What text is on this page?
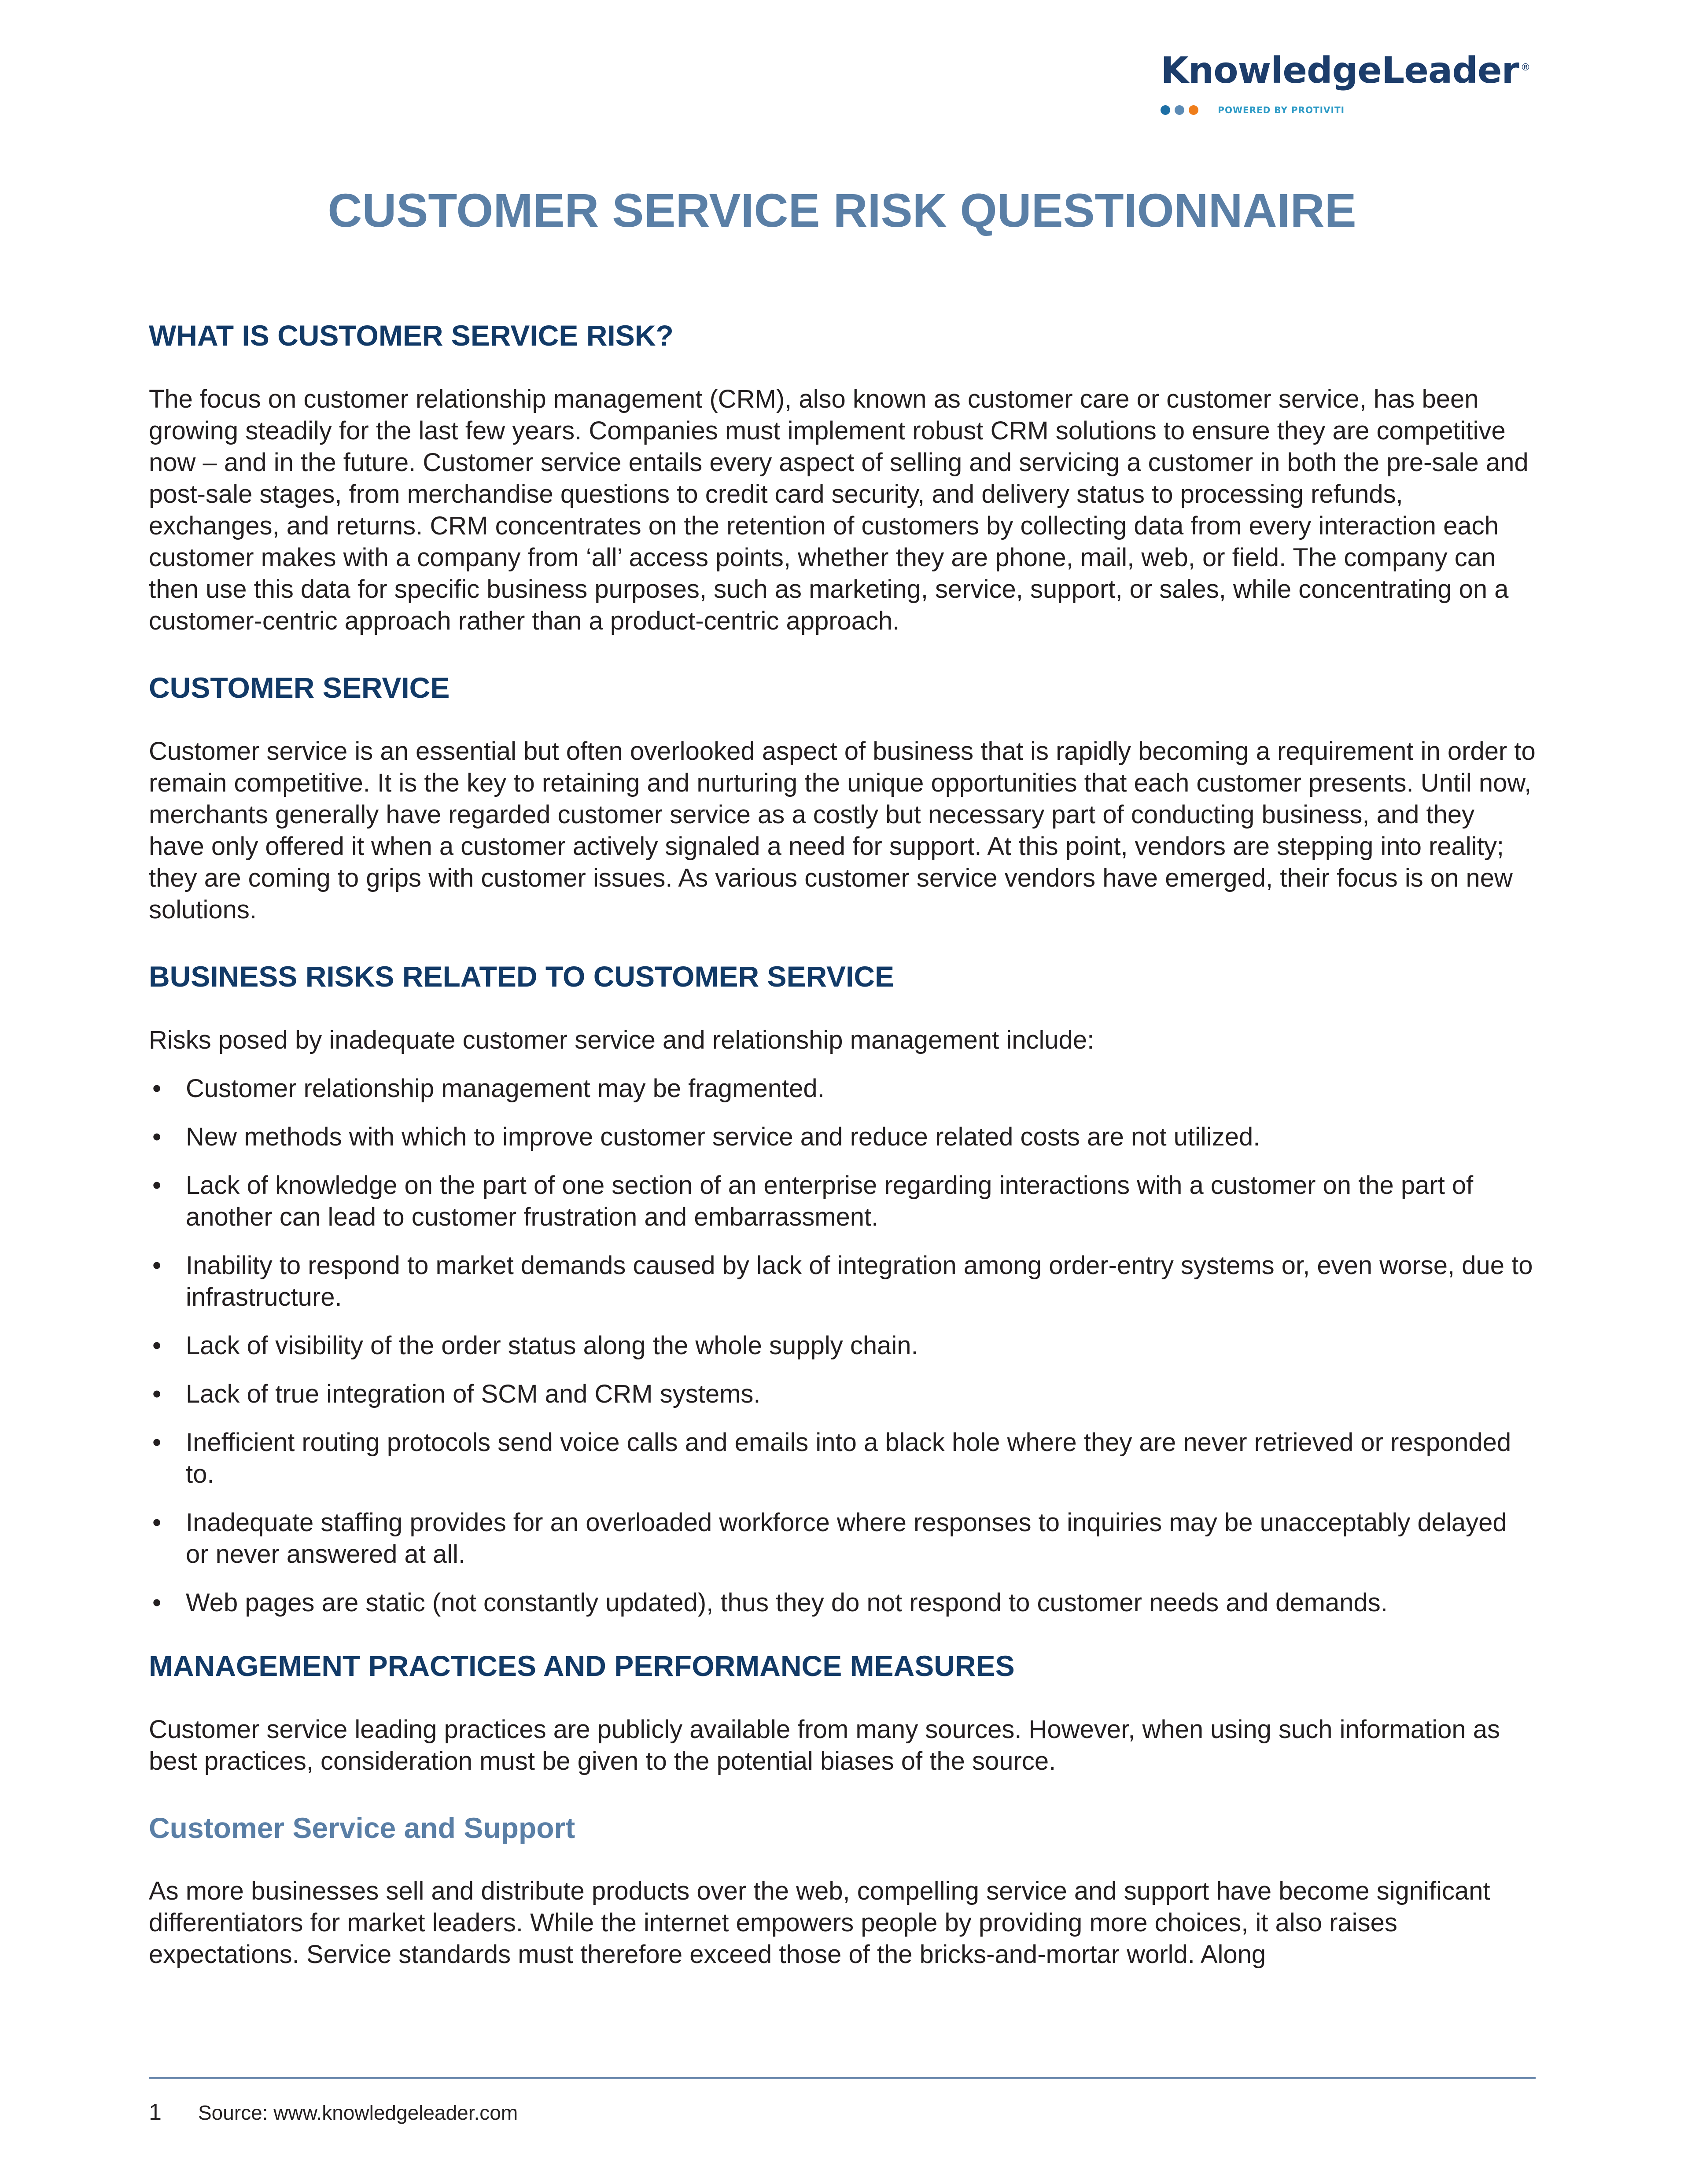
KnowledgeLeader ®
POWERED BY PROTIVITI
CUSTOMER SERVICE RISK QUESTIONNAIRE
WHAT IS CUSTOMER SERVICE RISK?

The focus on customer relationship management (CRM), also known as customer care or customer service, has been growing steadily for the last few years. Companies must implement robust CRM solutions to ensure they are competitive now – and in the future. Customer service entails every aspect of selling and servicing a customer in both the pre-sale and post-sale stages, from merchandise questions to credit card security, and delivery status to processing refunds, exchanges, and returns. CRM concentrates on the retention of customers by collecting data from every interaction each customer makes with a company from ‘all’ access points, whether they are phone, mail, web, or field. The company can then use this data for specific business purposes, such as marketing, service, support, or sales, while concentrating on a customer-centric approach rather than a product-centric approach.

CUSTOMER SERVICE

Customer service is an essential but often overlooked aspect of business that is rapidly becoming a requirement in order to remain competitive. It is the key to retaining and nurturing the unique opportunities that each customer presents. Until now, merchants generally have regarded customer service as a costly but necessary part of conducting business, and they have only offered it when a customer actively signaled a need for support. At this point, vendors are stepping into reality; they are coming to grips with customer issues. As various customer service vendors have emerged, their focus is on new solutions.

BUSINESS RISKS RELATED TO CUSTOMER SERVICE

Risks posed by inadequate customer service and relationship management include:

• Customer relationship management may be fragmented.
• New methods with which to improve customer service and reduce related costs are not utilized.
• Lack of knowledge on the part of one section of an enterprise regarding interactions with a customer on the part of another can lead to customer frustration and embarrassment.
• Inability to respond to market demands caused by lack of integration among order-entry systems or, even worse, due to infrastructure.
• Lack of visibility of the order status along the whole supply chain.
• Lack of true integration of SCM and CRM systems.
• Inefficient routing protocols send voice calls and emails into a black hole where they are never retrieved or responded to.
• Inadequate staffing provides for an overloaded workforce where responses to inquiries may be unacceptably delayed or never answered at all.
• Web pages are static (not constantly updated), thus they do not respond to customer needs and demands.
MANAGEMENT PRACTICES AND PERFORMANCE MEASURES

Customer service leading practices are publicly available from many sources. However, when using such information as best practices, consideration must be given to the potential biases of the source.

Customer Service and Support

As more businesses sell and distribute products over the web, compelling service and support have become significant differentiators for market leaders. While the internet empowers people by providing more choices, it also raises expectations. Service standards must therefore exceed those of the bricks-and-mortar world. Along

1	Source: www.knowledgeleader.com
